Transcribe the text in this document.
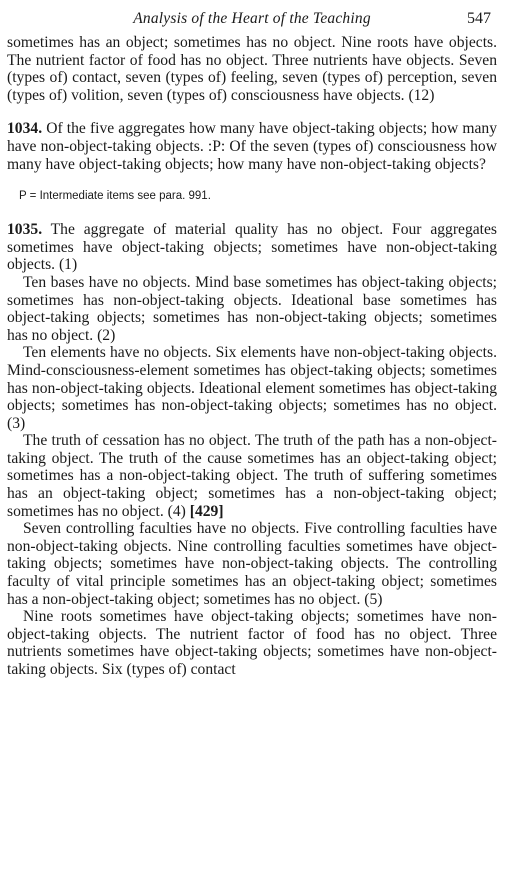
Analysis of the Heart of the Teaching	547

sometimes has an object; sometimes has no object. Nine roots have objects. The nutrient factor of food has no object. Three nutrients have objects. Seven (types of) contact, seven (types of) feeling, seven (types of) perception, seven (types of) volition, seven (types of) consciousness have objects. (12)

1034. Of the five aggregates how many have object-taking objects; how many have non-object-taking objects. :P: Of the seven (types of) consciousness how many have object-taking objects; how many have non-object-taking objects?

P = Intermediate items see para. 991.

1035. The aggregate of material quality has no object. Four aggregates sometimes have object-taking objects; sometimes have non-object-taking objects. (1)

Ten bases have no objects. Mind base sometimes has object-taking objects; sometimes has non-object-taking objects. Ideational base sometimes has object-taking objects; sometimes has non-object-taking objects; sometimes has no object. (2)

Ten elements have no objects. Six elements have non-object-taking objects. Mind-consciousness-element sometimes has object-taking objects; sometimes has non-object-taking objects. Ideational element sometimes has object-taking objects; sometimes has non-object-taking objects; sometimes has no object. (3)

The truth of cessation has no object. The truth of the path has a non-object-taking object. The truth of the cause sometimes has an object-taking object; sometimes has a non-object-taking object. The truth of suffering sometimes has an object-taking object; sometimes has a non-object-taking object; sometimes has no object. (4) [429]

Seven controlling faculties have no objects. Five controlling faculties have non-object-taking objects. Nine controlling faculties sometimes have object-taking objects; sometimes have non-object-taking objects. The controlling faculty of vital principle sometimes has an object-taking object; sometimes has a non-object-taking object; sometimes has no object. (5)

Nine roots sometimes have object-taking objects; sometimes have non-object-taking objects. The nutrient factor of food has no object. Three nutrients sometimes have object-taking objects; sometimes have non-object-taking objects. Six (types of) contact
